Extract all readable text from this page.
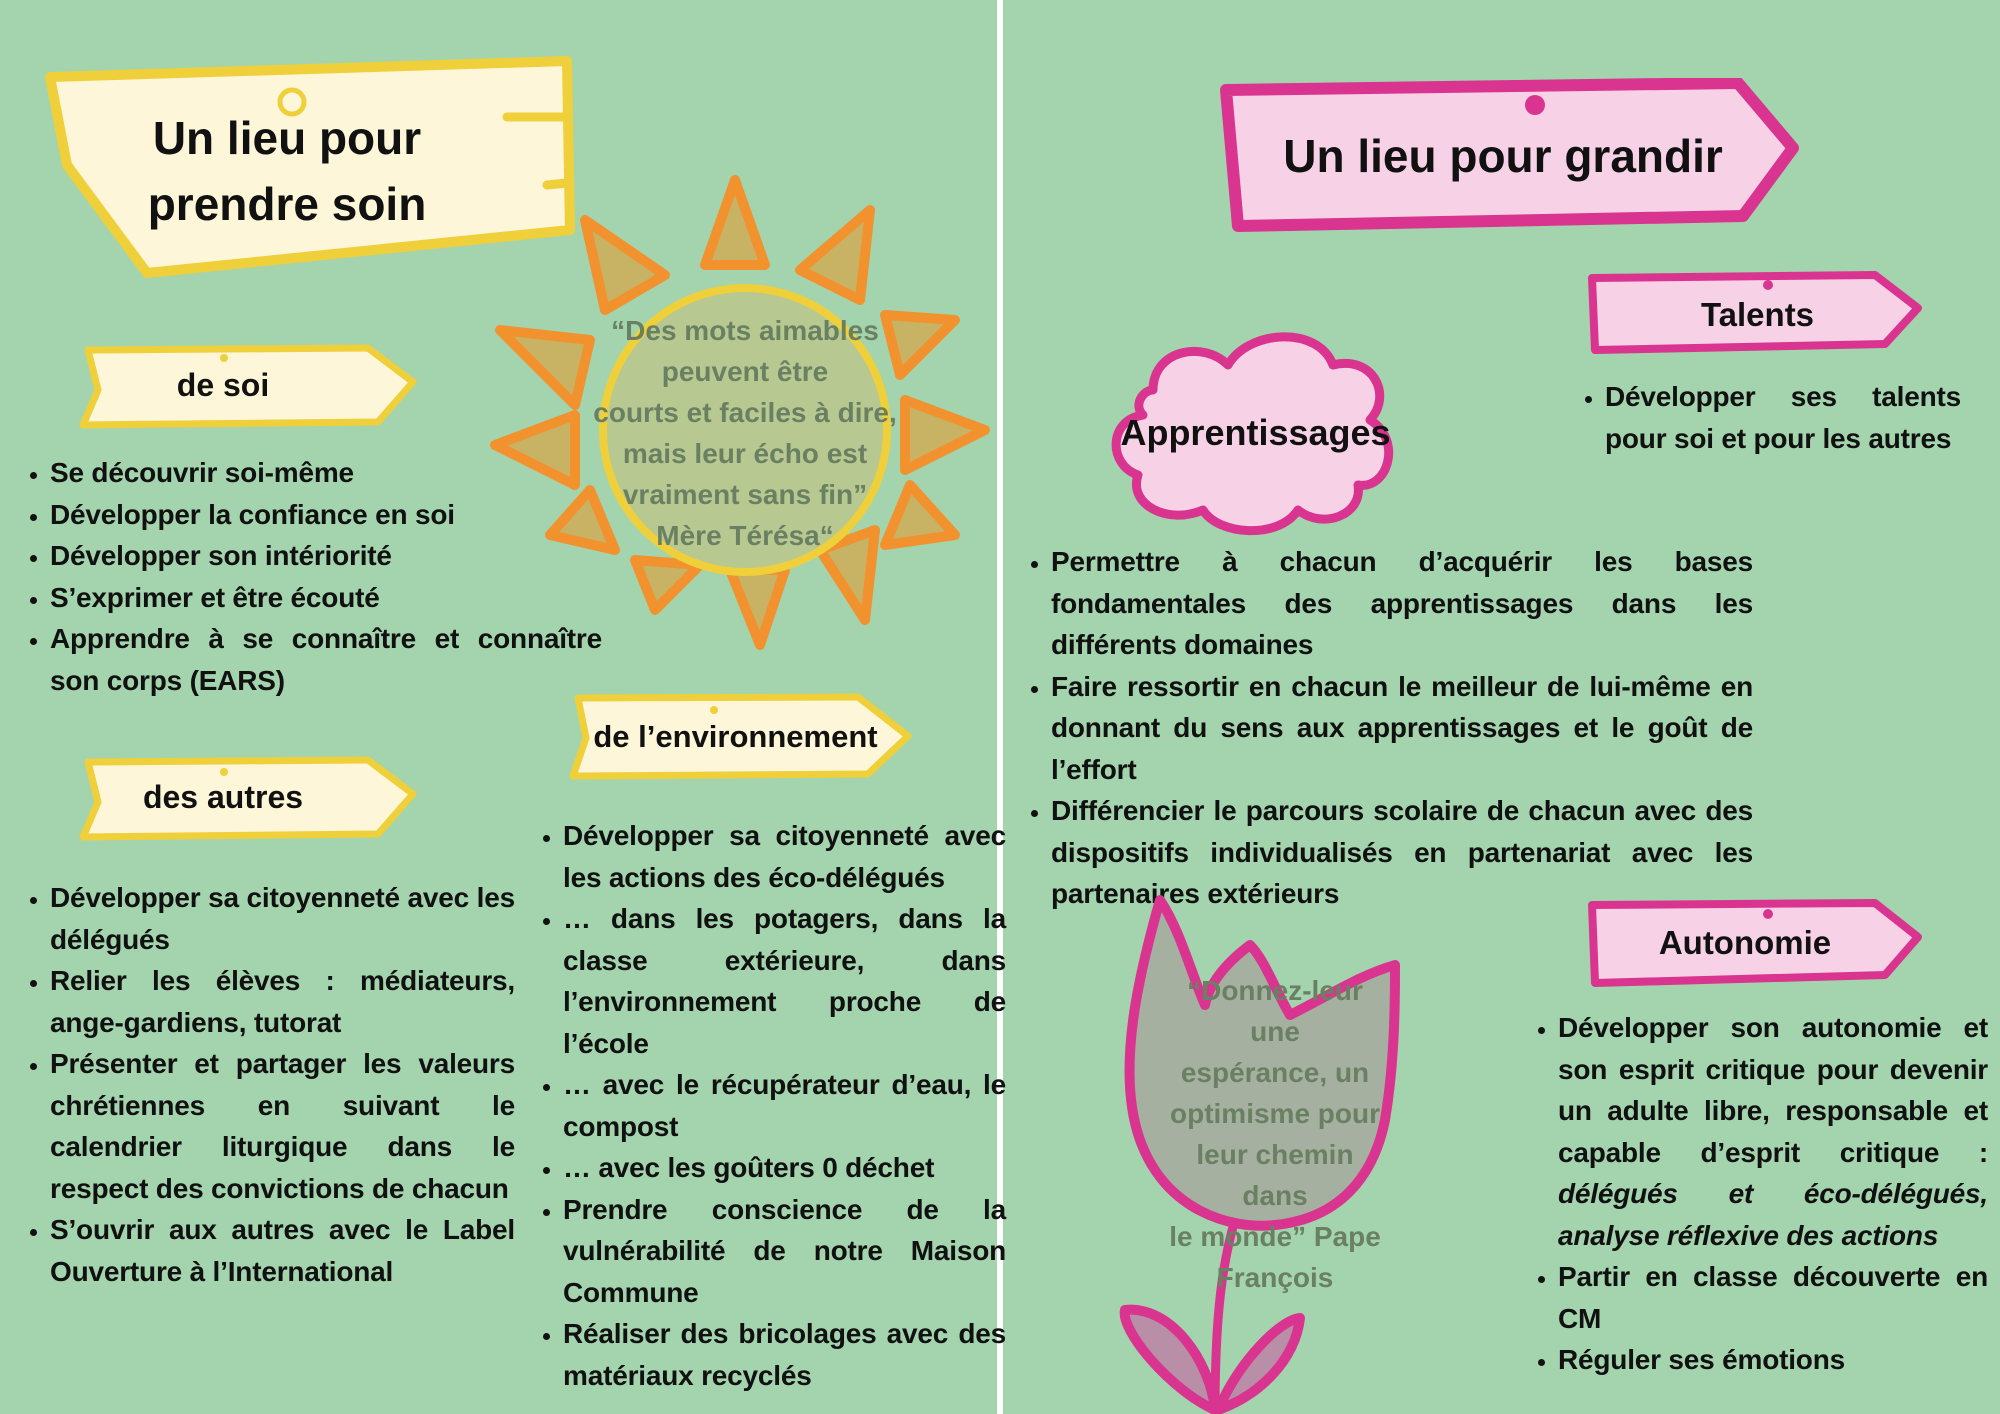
Un lieu pour
prendre soin
“Des mots aimables
peuvent être
courts et faciles à dire,
mais leur écho est
vraiment sans fin”
Mère Térésa“
de soi
• Se découvrir soi-même
• Développer la confiance en soi
• Développer son intériorité
• S’exprimer et être écouté
• Apprendre à se connaître et connaître son corps (EARS)
des autres
• Développer sa citoyenneté avec les délégués
• Relier les élèves : médiateurs, ange-gardiens, tutorat
• Présenter et partager les valeurs chrétiennes en suivant le calendrier liturgique dans le respect des convictions de chacun
• S’ouvrir aux autres avec le Label Ouverture à l’International
de l’environnement
• Développer sa citoyenneté avec les actions des éco-délégués
• … dans les potagers, dans la classe extérieure, dans l’environnement proche de l’école
• … avec le récupérateur d’eau, le compost
• … avec les goûters 0 déchet
• Prendre conscience de la vulnérabilité de notre Maison Commune
• Réaliser des bricolages avec des matériaux recyclés
Un lieu pour grandir
Talents
• Développer ses talents pour soi et pour les autres
Apprentissages
• Permettre à chacun d’acquérir les bases fondamentales des apprentissages dans les différents domaines
• Faire ressortir en chacun le meilleur de lui-même en donnant du sens aux apprentissages et le goût de l’effort
• Différencier le parcours scolaire de chacun avec des dispositifs individualisés en partenariat avec les partenaires extérieurs
Autonomie
• Développer son autonomie et son esprit critique pour devenir un adulte libre, responsable et capable d’esprit critique : délégués et éco-délégués, analyse réflexive des actions
• Partir en classe découverte en CM
• Réguler ses émotions
“Donnez-leur une
espérance, un
optimisme pour
leur chemin dans
le monde” Pape
François
